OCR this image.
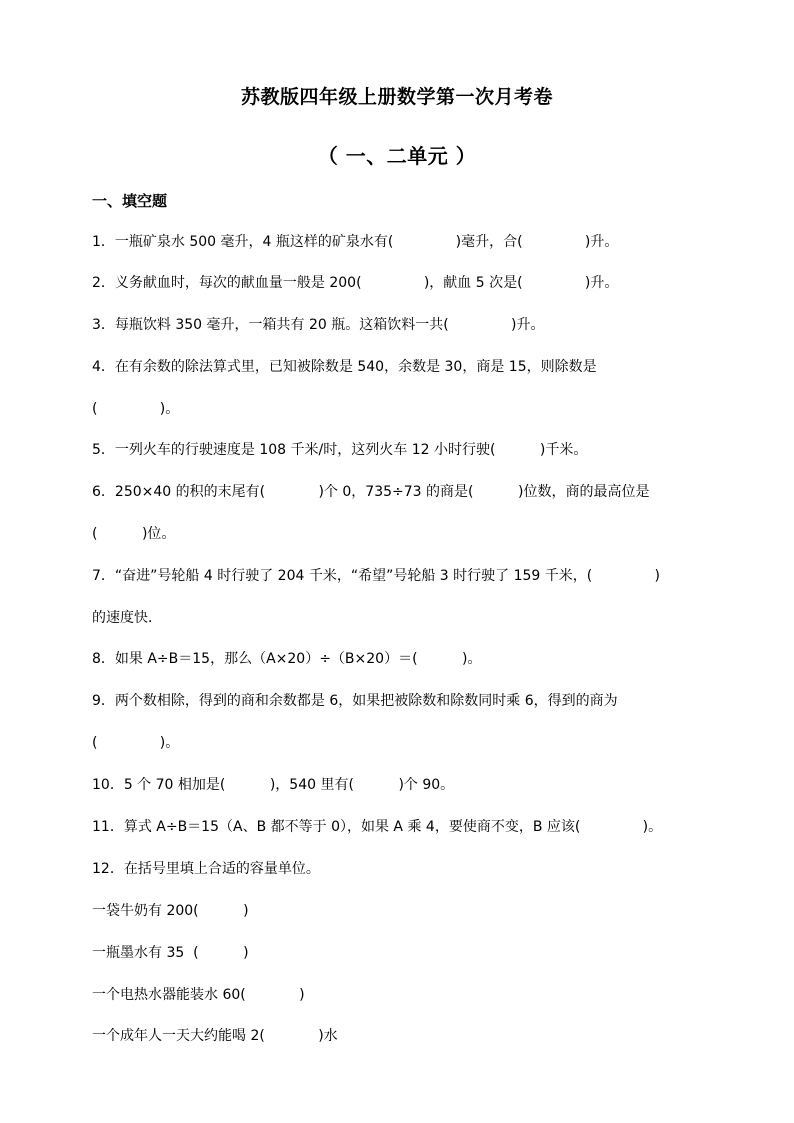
苏教版四年级上册数学第一次月考卷
（ 一、二单元 ）
一、填空题
1．一瓶矿泉水 500 毫升，4 瓶这样的矿泉水有(              )毫升，合(              )升。
2．义务献血时，每次的献血量一般是 200(              )，献血 5 次是(              )升。
3．每瓶饮料 350 毫升，一箱共有 20 瓶。这箱饮料一共(              )升。
4．在有余数的除法算式里，已知被除数是 540，余数是 30，商是 15，则除数是
(              )。
5．一列火车的行驶速度是 108 千米/时，这列火车 12 小时行驶(          )千米。
6．250×40 的积的末尾有(            )个 0，735÷73 的商是(          )位数，商的最高位是
(          )位。
7．“奋进”号轮船 4 时行驶了 204 千米，“希望”号轮船 3 时行驶了 159 千米，(              )
的速度快．
8．如果 A÷B＝15，那么（A×20）÷（B×20）＝(          )。
9．两个数相除，得到的商和余数都是 6，如果把被除数和除数同时乘 6，得到的商为
(              )。
10．5 个 70 相加是(          )，540 里有(          )个 90。
11．算式 A÷B＝15（A、B 都不等于 0），如果 A 乘 4，要使商不变，B 应该(              )。
12．在括号里填上合适的容量单位。
一袋牛奶有 200(          )
一瓶墨水有 35  (          )
一个电热水器能装水 60(            )
一个成年人一天大约能喝 2(            )水
